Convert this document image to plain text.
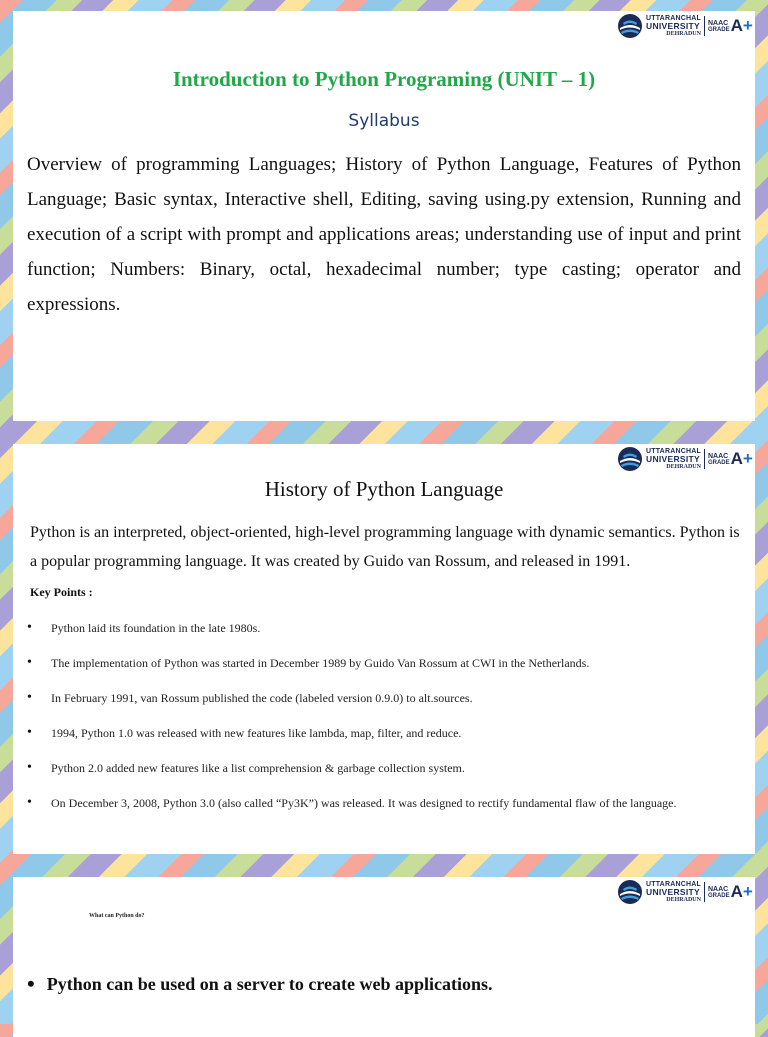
UTTARANCHAL
UNIVERSITY
DEHRADUN
NAAC
GRADE A+
Introduction to Python Programing (UNIT – 1)
Syllabus

Overview of programming Languages; History of Python Language, Features of Python Language; Basic syntax, Interactive shell, Editing, saving using.py extension, Running and execution of a script with prompt and applications areas; understanding use of input and print function; Numbers: Binary, octal, hexadecimal number; type casting; operator and expressions.

UTTARANCHAL
UNIVERSITY
DEHRADUN
NAAC
GRADE A+
History of Python Language

Python is an interpreted, object-oriented, high-level programming language with dynamic semantics. Python is a popular programming language. It was created by Guido van Rossum, and released in 1991.

Key Points :
• Python laid its foundation in the late 1980s.
• The implementation of Python was started in December 1989 by Guido Van Rossum at CWI in the Netherlands.
• In February 1991, van Rossum published the code (labeled version 0.9.0) to alt.sources.
• 1994, Python 1.0 was released with new features like lambda, map, filter, and reduce.
• Python 2.0 added new features like a list comprehension & garbage collection system.
• On December 3, 2008, Python 3.0 (also called “Py3K”) was released. It was designed to rectify fundamental flaw of the language.
UTTARANCHAL
UNIVERSITY
DEHRADUN
NAAC
GRADE A+
What can Python do?
• Python can be used on a server to create web applications.
